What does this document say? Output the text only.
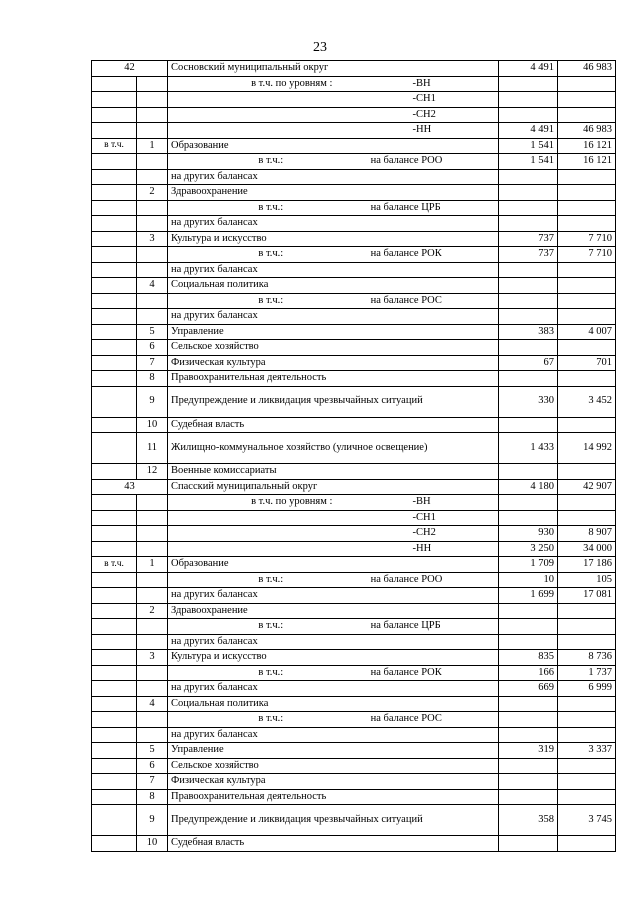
23
42		Сосновский муниципальный округ	4 491	46 983

		в т.ч. по уровням : -ВН		

		-СН1		

		-СН2		

		-НН	4 491	46 983
в т.ч.	1	Образование	1 541	16 121

		в т.ч.: на балансе РОО	1 541	16 121
		на других балансах		
	2	Здравоохранение		

		в т.ч.: на балансе ЦРБ		

		на других балансах		
	3	Культура и искусство	737	7 710

		в т.ч.: на балансе РОК	737	7 710
		на других балансах		
	4	Социальная политика		

		в т.ч.: на балансе РОС		

		на других балансах		
	5	Управление	383	4 007
	6	Сельское хозяйство		
	7	Физическая культура	67	701
	8	Правоохранительная деятельность		
	9	Предупреждение и ликвидация чрезвычайных ситуаций	330	3 452
	10	Судебная власть		
	11	Жилищно-коммунальное хозяйство (уличное освещение)	1 433	14 992
	12	Военные комиссариаты		
43		Спасский муниципальный округ	4 180	42 907

		в т.ч. по уровням : -ВН		

		-СН1		

		-СН2	930	8 907

		-НН	3 250	34 000
в т.ч.	1	Образование	1 709	17 186

		в т.ч.: на балансе РОО	10	105
		на других балансах	1 699	17 081
	2	Здравоохранение		

		в т.ч.: на балансе ЦРБ		

		на других балансах		
	3	Культура и искусство	835	8 736

		в т.ч.: на балансе РОК	166	1 737
		на других балансах	669	6 999
	4	Социальная политика		

		в т.ч.: на балансе РОС		

		на других балансах		
	5	Управление	319	3 337
	6	Сельское хозяйство		
	7	Физическая культура		
	8	Правоохранительная деятельность		
	9	Предупреждение и ликвидация чрезвычайных ситуаций	358	3 745
	10	Судебная власть		
